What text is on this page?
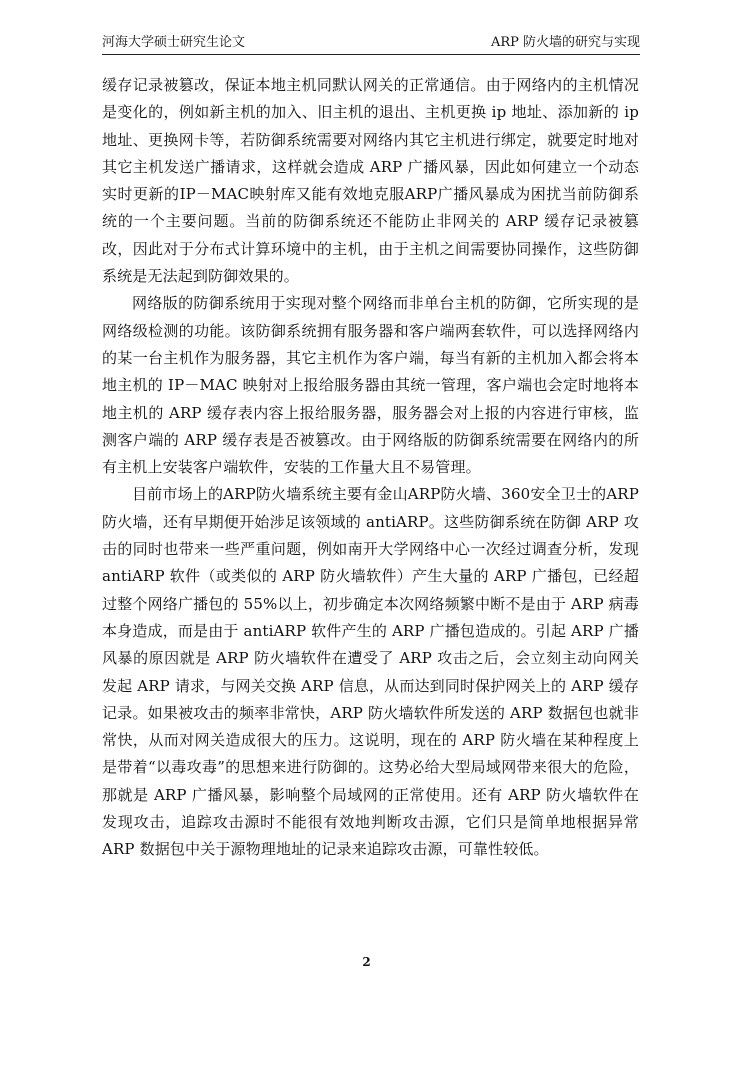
河海大学硕士研究生论文	ARP 防火墙的研究与实现

缓存记录被篡改，保证本地主机同默认网关的正常通信。由于网络内的主机情况是变化的，例如新主机的加入、旧主机的退出、主机更换 ip 地址、添加新的 ip 地址、更换网卡等，若防御系统需要对网络内其它主机进行绑定，就要定时地对其它主机发送广播请求，这样就会造成 ARP 广播风暴，因此如何建立一个动态实时更新的IP－MAC映射库又能有效地克服ARP广播风暴成为困扰当前防御系统的一个主要问题。当前的防御系统还不能防止非网关的 ARP 缓存记录被篡改，因此对于分布式计算环境中的主机，由于主机之间需要协同操作，这些防御系统是无法起到防御效果的。

网络版的防御系统用于实现对整个网络而非单台主机的防御，它所实现的是网络级检测的功能。该防御系统拥有服务器和客户端两套软件，可以选择网络内的某一台主机作为服务器，其它主机作为客户端，每当有新的主机加入都会将本地主机的 IP－MAC 映射对上报给服务器由其统一管理，客户端也会定时地将本地主机的 ARP 缓存表内容上报给服务器，服务器会对上报的内容进行审核，监测客户端的 ARP 缓存表是否被篡改。由于网络版的防御系统需要在网络内的所有主机上安装客户端软件，安装的工作量大且不易管理。

目前市场上的ARP防火墙系统主要有金山ARP防火墙、360安全卫士的ARP防火墙，还有早期便开始涉足该领域的 antiARP。这些防御系统在防御 ARP 攻击的同时也带来一些严重问题，例如南开大学网络中心一次经过调查分析，发现 antiARP 软件（或类似的 ARP 防火墙软件）产生大量的 ARP 广播包，已经超过整个网络广播包的 55%以上，初步确定本次网络频繁中断不是由于 ARP 病毒本身造成，而是由于 antiARP 软件产生的 ARP 广播包造成的。引起 ARP 广播风暴的原因就是 ARP 防火墙软件在遭受了 ARP 攻击之后，会立刻主动向网关发起 ARP 请求，与网关交换 ARP 信息，从而达到同时保护网关上的 ARP 缓存记录。如果被攻击的频率非常快，ARP 防火墙软件所发送的 ARP 数据包也就非常快，从而对网关造成很大的压力。这说明，现在的 ARP 防火墙在某种程度上是带着“以毒攻毒”的思想来进行防御的。这势必给大型局域网带来很大的危险，那就是 ARP 广播风暴，影响整个局域网的正常使用。还有 ARP 防火墙软件在发现攻击，追踪攻击源时不能很有效地判断攻击源，它们只是简单地根据异常 ARP 数据包中关于源物理地址的记录来追踪攻击源，可靠性较低。

2
